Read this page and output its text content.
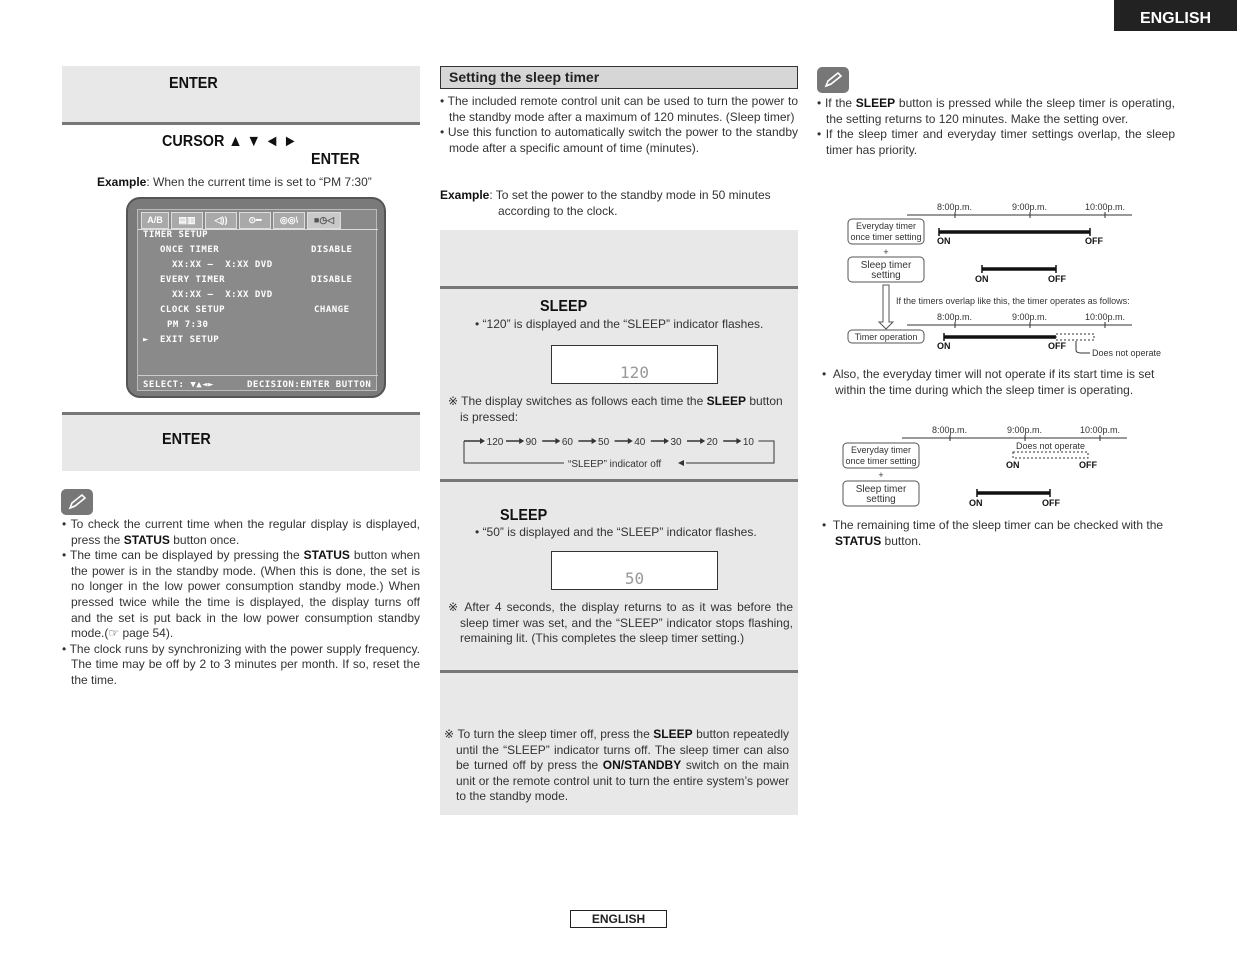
ENGLISH
ENTER
CURSOR ▲ ▼ ◄ ►
ENTER
Example: When the current time is set to “PM 7:30”
A/B	▤▥	◁))	⊙━	◎◎\	■◷◁
TIMER SETUP
ONCE TIMER	DISABLE
XX:XX –  X:XX DVD
EVERY TIMER	DISABLE
XX:XX –  X:XX DVD
CLOCK SETUP	CHANGE
PM 7:30
► EXIT SETUP
SELECT: ▼▲◄►	DECISION:ENTER BUTTON
ENTER
• To check the current time when the regular display is displayed, press the STATUS button once.
• The time can be displayed by pressing the STATUS button when the power is in the standby mode. (When this is done, the set is no longer in the low power consumption standby mode.) When pressed twice while the time is displayed, the display turns off and the set is put back in the low power consumption standby mode.(☞ page 54).
• The clock runs by synchronizing with the power supply frequency. The time may be off by 2 to 3 minutes per month. If so, reset the the time.
Setting the sleep timer
• The included remote control unit can be used to turn the power to the standby mode after a maximum of 120 minutes. (Sleep timer)
• Use this function to automatically switch the power to the standby mode after a specific amount of time (minutes).
Example: To set the power to the standby mode in 50 minutes according to the clock.
SLEEP
• “120” is displayed and the “SLEEP” indicator flashes.
120
※ The display switches as follows each time the SLEEP button is pressed:
120 90	60	50	40	30	20	10
“SLEEP” indicator off
SLEEP
• “50” is displayed and the “SLEEP” indicator flashes.
50
※ After 4 seconds, the display returns to as it was before the sleep timer was set, and the “SLEEP” indicator stops flashing, remaining lit. (This completes the sleep timer setting.)
※ To turn the sleep timer off, press the SLEEP button repeatedly until the “SLEEP” indicator turns off. The sleep timer can also be turned off by press the ON/STANDBY switch on the main unit or the remote control unit to turn the entire system’s power to the standby mode.
• If the SLEEP button is pressed while the sleep timer is operating, the setting returns to 120 minutes. Make the setting over.
• If the sleep timer and everyday timer settings overlap, the sleep timer has priority.
8:00p.m.	9:00p.m.	10:00p.m.
Everyday timer
once timer setting ON	OFF
+
Sleep timer
setting	ON	OFF
If the timers overlap like this, the timer operates as follows:
8:00p.m.	9:00p.m.	10:00p.m.
Timer operation
ON	OFF
Does not operate
•  Also, the everyday timer will not operate if its start time is set within the time during which the sleep timer is operating.
8:00p.m.	9:00p.m.	10:00p.m.
Everyday timer
once timer setting
Does not operate
ON	OFF
+
Sleep timer
setting	ON	OFF
•  The remaining time of the sleep timer can be checked with the STATUS button.
ENGLISH
